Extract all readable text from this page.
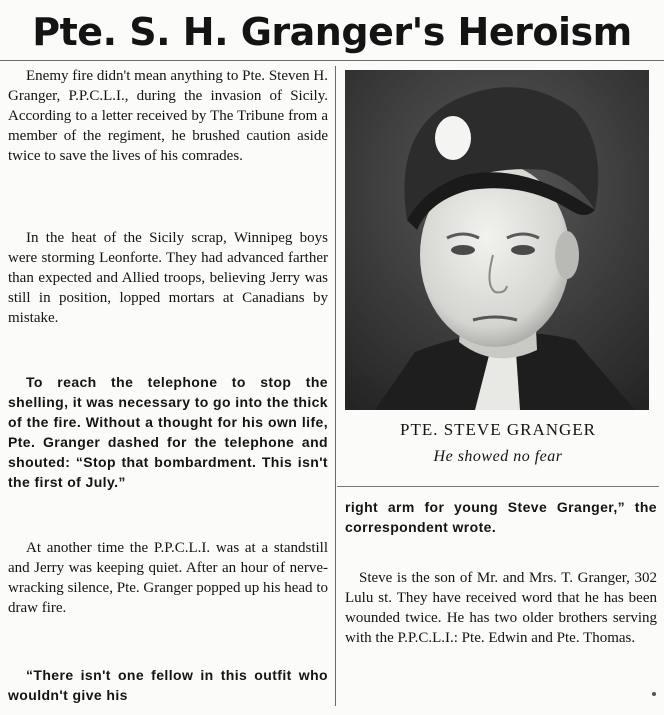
Pte. S. H. Granger's Heroism

Enemy fire didn't mean anything to Pte. Steven H. Granger, P.P.C.L.I., during the invasion of Sicily. According to a letter received by The Tribune from a member of the regiment, he brushed caution aside twice to save the lives of his comrades.

In the heat of the Sicily scrap, Winnipeg boys were storming Leonforte. They had advanced farther than expected and Allied troops, believing Jerry was still in position, lopped mortars at Canadians by mistake.

To reach the telephone to stop the shelling, it was necessary to go into the thick of the fire. Without a thought for his own life, Pte. Granger dashed for the telephone and shouted: “Stop that bombardment. This isn't the first of July.”

At another time the P.P.C.L.I. was at a standstill and Jerry was keeping quiet. After an hour of nerve-wracking silence, Pte. Granger popped up his head to draw fire.

“There isn't one fellow in this outfit who wouldn't give his

PTE. STEVE GRANGER
He showed no fear

right arm for young Steve Granger,” the correspondent wrote.

Steve is the son of Mr. and Mrs. T. Granger, 302 Lulu st. They have received word that he has been wounded twice. He has two older brothers serving with the P.P.C.L.I.: Pte. Edwin and Pte. Thomas.
